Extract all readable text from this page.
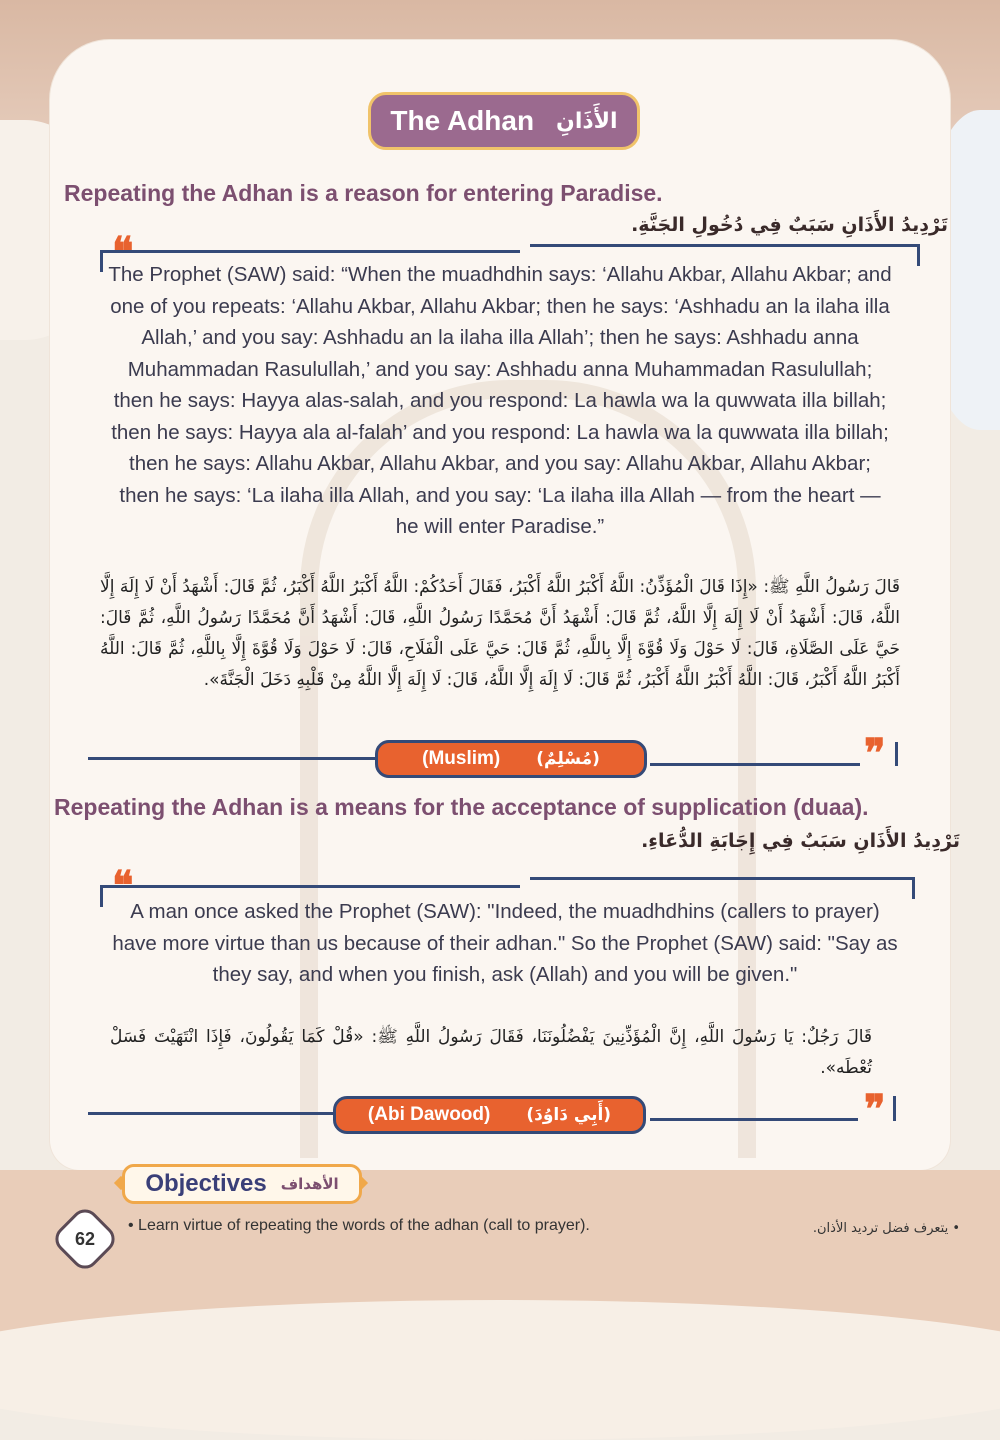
The Adhan الأَذَانِ
Repeating the Adhan is a reason for entering Paradise.
تَرْدِيدُ الأَذَانِ سَبَبٌ فِي دُخُولِ الجَنَّةِ.
❝
The Prophet (SAW) said: “When the muadhdhin says: ‘Allahu Akbar, Allahu Akbar; and one of you repeats: ‘Allahu Akbar, Allahu Akbar; then he says: ‘Ashhadu an la ilaha illa Allah,’ and you say: Ashhadu an la ilaha illa Allah’; then he says: Ashhadu anna Muhammadan Rasulullah,’ and you say: Ashhadu anna Muhammadan Rasulullah; then he says: Hayya alas-salah, and you respond: La hawla wa la quwwata illa billah; then he says: Hayya ala al-falah’ and you respond: La hawla wa la quwwata illa billah; then he says: Allahu Akbar, Allahu Akbar, and you say: Allahu Akbar, Allahu Akbar; then he says: ‘La ilaha illa Allah, and you say: ‘La ilaha illa Allah — from the heart — he will enter Paradise.”
قَالَ رَسُولُ اللَّهِ ﷺ: «إِذَا قَالَ الْمُؤَذِّنُ: اللَّهُ أَكْبَرُ اللَّهُ أَكْبَرُ، فَقَالَ أَحَدُكُمْ: اللَّهُ أَكْبَرُ اللَّهُ أَكْبَرُ، ثُمَّ قَالَ: أَشْهَدُ أَنْ لَا إِلَهَ إِلَّا اللَّهُ، قَالَ: أَشْهَدُ أَنْ لَا إِلَهَ إِلَّا اللَّهُ، ثُمَّ قَالَ: أَشْهَدُ أَنَّ مُحَمَّدًا رَسُولُ اللَّهِ، قَالَ: أَشْهَدُ أَنَّ مُحَمَّدًا رَسُولُ اللَّهِ، ثُمَّ قَالَ: حَيَّ عَلَى الصَّلَاةِ، قَالَ: لَا حَوْلَ وَلَا قُوَّةَ إِلَّا بِاللَّهِ، ثُمَّ قَالَ: حَيَّ عَلَى الْفَلَاحِ، قَالَ: لَا حَوْلَ وَلَا قُوَّةَ إِلَّا بِاللَّهِ، ثُمَّ قَالَ: اللَّهُ أَكْبَرُ اللَّهُ أَكْبَرُ، قَالَ: اللَّهُ أَكْبَرُ اللَّهُ أَكْبَرُ، ثُمَّ قَالَ: لَا إِلَهَ إِلَّا اللَّهُ، قَالَ: لَا إِلَهَ إِلَّا اللَّهُ مِنْ قَلْبِهِ دَخَلَ الْجَنَّةَ».
❞
(Muslim) (مُسْلِمٌ)
Repeating the Adhan is a means for the acceptance of supplication (duaa).
تَرْدِيدُ الأَذَانِ سَبَبٌ فِي إِجَابَةِ الدُّعَاءِ.
❝
A man once asked the Prophet (SAW): "Indeed, the muadhdhins (callers to prayer) have more virtue than us because of their adhan." So the Prophet (SAW) said: "Say as they say, and when you finish, ask (Allah) and you will be given."
قَالَ رَجُلٌ: يَا رَسُولَ اللَّهِ، إِنَّ الْمُؤَذِّنِينَ يَفْضُلُونَنَا، فَقَالَ رَسُولُ اللَّهِ ﷺ: «قُلْ كَمَا يَقُولُونَ، فَإِذَا انْتَهَيْتَ فَسَلْ تُعْطَه».
❞
(Abi Dawood) (أَبِي دَاوُدَ)
Objectives الأهداف
62
• Learn virtue of repeating the words of the adhan (call to prayer).	• يتعرف فضل ترديد الأذان.
